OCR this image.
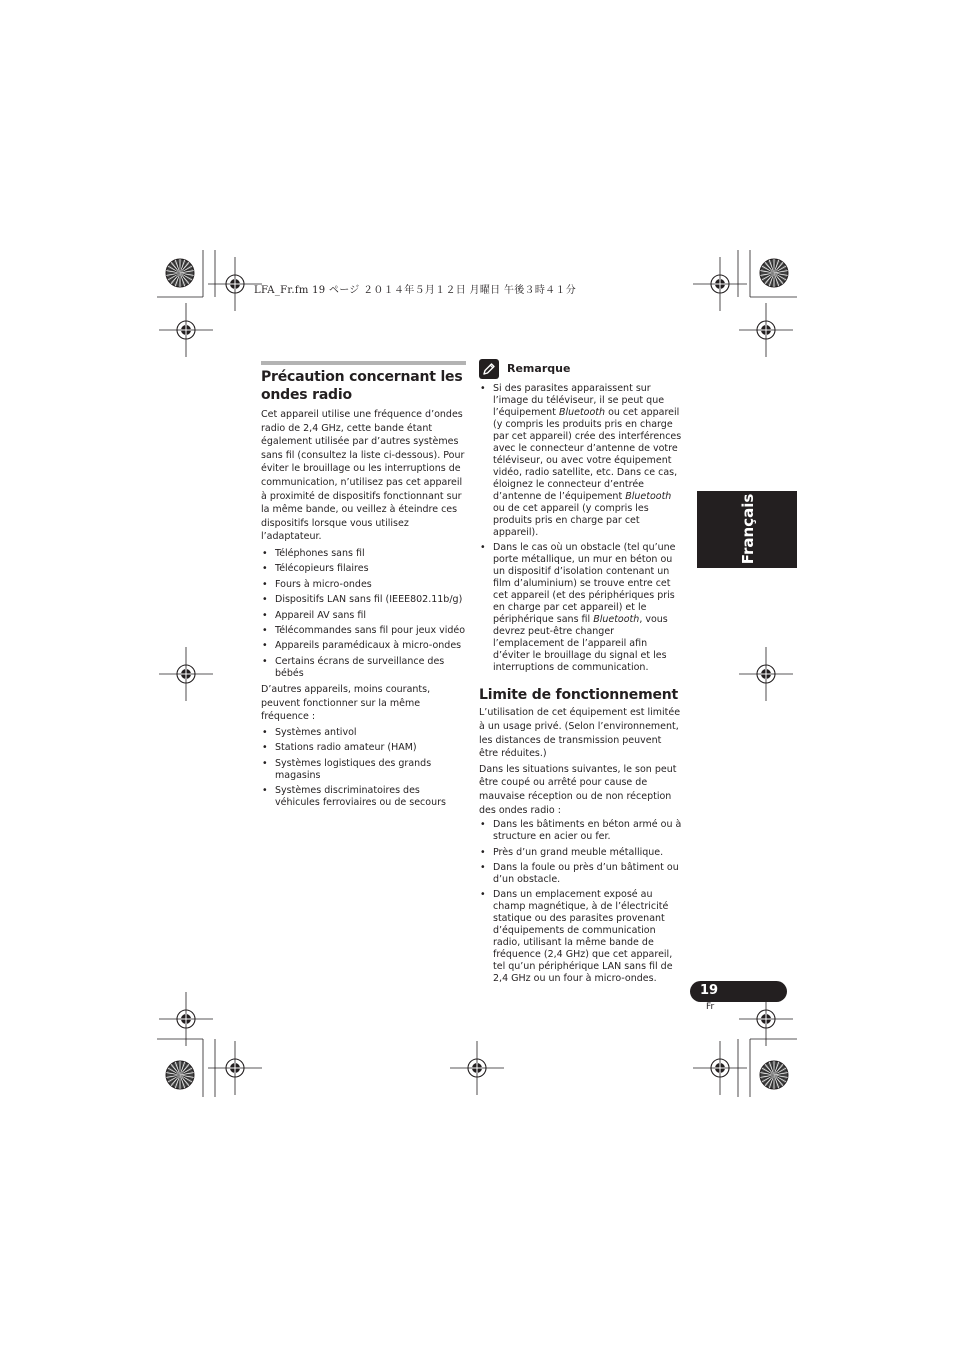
LFA_Fr.fm 19 ページ ２０１４年５月１２日 月曜日 午後３時４１分
Précaution concernant les ondes radio

Cet appareil utilise une fréquence d’ondes radio de 2,4 GHz, cette bande étant également utilisée par d’autres systèmes sans fil (consultez la liste ci-dessous). Pour éviter le brouillage ou les interruptions de communication, n’utilisez pas cet appareil à proximité de dispositifs fonctionnant sur la même bande, ou veillez à éteindre ces dispositifs lorsque vous utilisez l’adaptateur.

• Téléphones sans fil
• Télécopieurs filaires
• Fours à micro-ondes
• Dispositifs LAN sans fil (IEEE802.11b/g)
• Appareil AV sans fil
• Télécommandes sans fil pour jeux vidéo
• Appareils paramédicaux à micro-ondes
• Certains écrans de surveillance des bébés

D’autres appareils, moins courants, peuvent fonctionner sur la même fréquence :

• Systèmes antivol
• Stations radio amateur (HAM)
• Systèmes logistiques des grands magasins
• Systèmes discriminatoires des véhicules ferroviaires ou de secours
Remarque
• Si des parasites apparaissent sur l’image du téléviseur, il se peut que l’équipement Bluetooth ou cet appareil (y compris les produits pris en charge par cet appareil) crée des interférences avec le connecteur d’antenne de votre téléviseur, ou avec votre équipement vidéo, radio satellite, etc. Dans ce cas, éloignez le connecteur d’entrée d’antenne de l’équipement Bluetooth ou de cet appareil (y compris les produits pris en charge par cet appareil).
• Dans le cas où un obstacle (tel qu’une porte métallique, un mur en béton ou un dispositif d’isolation contenant un film d’aluminium) se trouve entre cet cet appareil (et des périphériques pris en charge par cet appareil) et le périphérique sans fil Bluetooth, vous devrez peut-être changer l’emplacement de l’appareil afin d’éviter le brouillage du signal et les interruptions de communication.
Limite de fonctionnement

L’utilisation de cet équipement est limitée à un usage privé. (Selon l’environnement, les distances de transmission peuvent être réduites.)

Dans les situations suivantes, le son peut être coupé ou arrêté pour cause de mauvaise réception ou de non réception des ondes radio :

• Dans les bâtiments en béton armé ou à structure en acier ou fer.
• Près d’un grand meuble métallique.
• Dans la foule ou près d’un bâtiment ou d’un obstacle.
• Dans un emplacement exposé au champ magnétique, à de l’électricité statique ou des parasites provenant d’équipements de communication radio, utilisant la même bande de fréquence (2,4 GHz) que cet appareil, tel qu’un périphérique LAN sans fil de 2,4 GHz ou un four à micro-ondes.
Français
19
Fr
